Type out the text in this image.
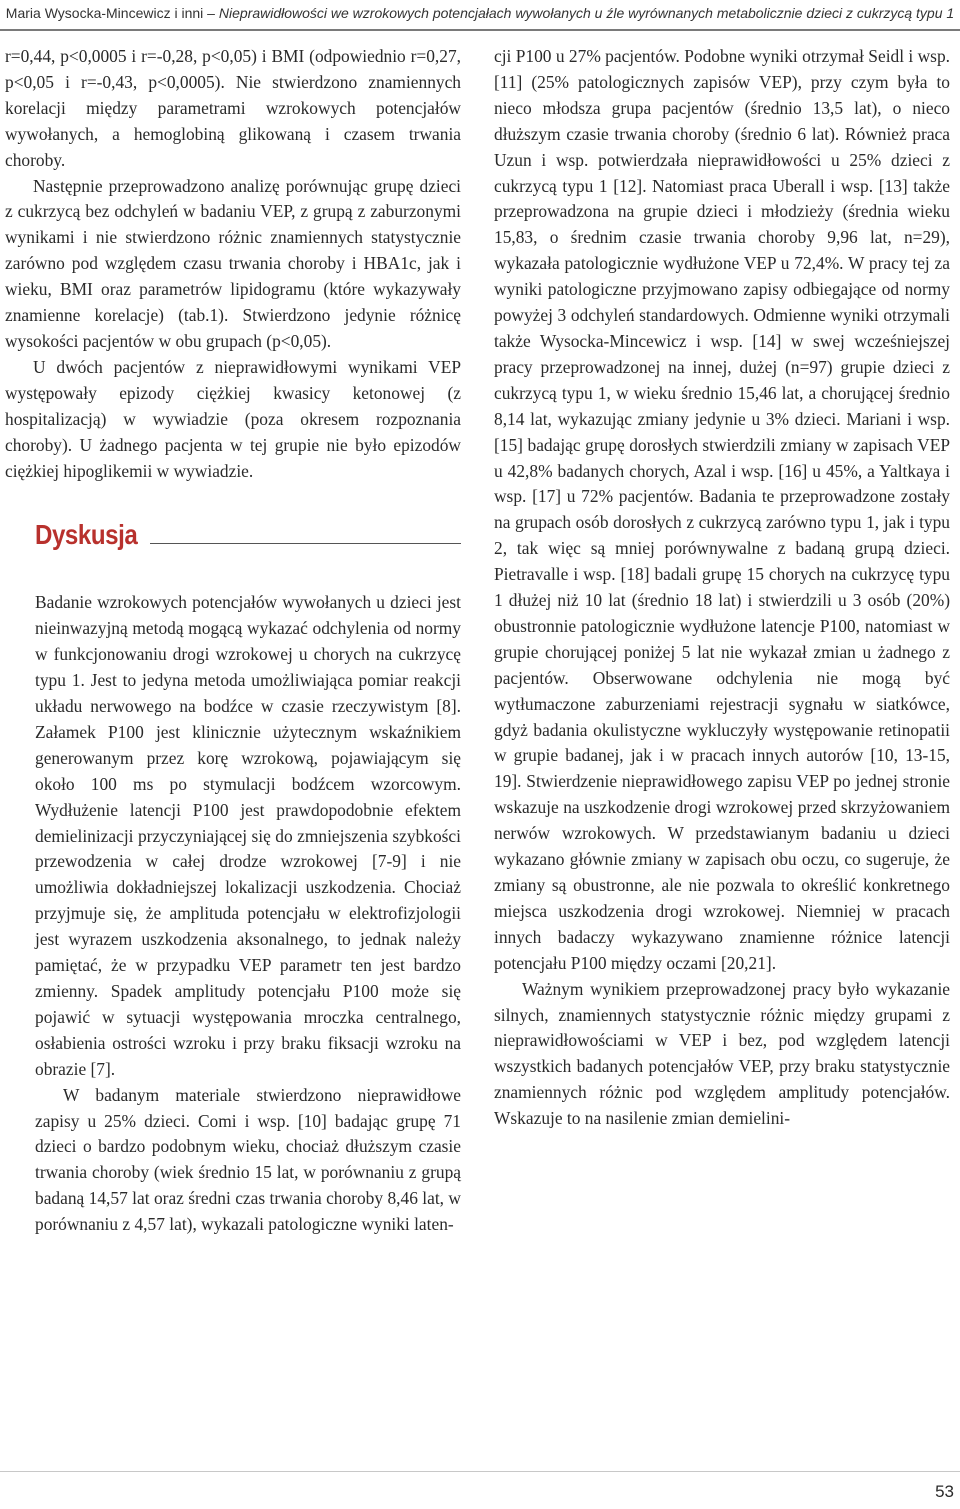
Maria Wysocka-Mincewicz i inni – Nieprawidłowości we wzrokowych potencjałach wywołanych u źle wyrównanych metabolicznie dzieci z cukrzycą typu 1

r=0,44, p<0,0005 i r=-0,28, p<0,05) i BMI (odpowiednio r=0,27, p<0,05 i r=-0,43, p<0,0005). Nie stwierdzono znamiennych korelacji między parametrami wzrokowych potencjałów wywołanych, a hemoglobiną glikowaną i czasem trwania choroby.

Następnie przeprowadzono analizę porównując grupę dzieci z cukrzycą bez odchyleń w badaniu VEP, z grupą z zaburzonymi wynikami i nie stwierdzono różnic znamiennych statystycznie zarówno pod względem czasu trwania choroby i HBA1c, jak i wieku, BMI oraz parametrów lipidogramu (które wykazywały znamienne korelacje) (tab.1). Stwierdzono jedynie różnicę wysokości pacjentów w obu grupach (p<0,05).

U dwóch pacjentów z nieprawidłowymi wynikami VEP występowały epizody ciężkiej kwasicy ketonowej (z hospitalizacją) w wywiadzie (poza okresem rozpoznania choroby). U żadnego pacjenta w tej grupie nie było epizodów ciężkiej hipoglikemii w wywiadzie.

Dyskusja

Badanie wzrokowych potencjałów wywołanych u dzieci jest nieinwazyjną metodą mogącą wykazać odchylenia od normy w funkcjonowaniu drogi wzrokowej u chorych na cukrzycę typu 1. Jest to jedyna metoda umożliwiająca pomiar reakcji układu nerwowego na bodźce w czasie rzeczywistym [8]. Załamek P100 jest klinicznie użytecznym wskaźnikiem generowanym przez korę wzrokową, pojawiającym się około 100 ms po stymulacji bodźcem wzorcowym. Wydłużenie latencji P100 jest prawdopodobnie efektem demielinizacji przyczyniającej się do zmniejszenia szybkości przewodzenia w całej drodze wzrokowej [7-9] i nie umożliwia dokładniejszej lokalizacji uszkodzenia. Chociaż przyjmuje się, że amplituda potencjału w elektrofizjologii jest wyrazem uszkodzenia aksonalnego, to jednak należy pamiętać, że w przypadku VEP parametr ten jest bardzo zmienny. Spadek amplitudy potencjału P100 może się pojawić w sytuacji występowania mroczka centralnego, osłabienia ostrości wzroku i przy braku fiksacji wzroku na obrazie [7].

W badanym materiale stwierdzono nieprawidłowe zapisy u 25% dzieci. Comi i wsp. [10] badając grupę 71 dzieci o bardzo podobnym wieku, chociaż dłuższym czasie trwania choroby (wiek średnio 15 lat, w porównaniu z grupą badaną 14,57 lat oraz średni czas trwania choroby 8,46 lat, w porównaniu z 4,57 lat), wykazali patologiczne wyniki laten-

cji P100 u 27% pacjentów. Podobne wyniki otrzymał Seidl i wsp. [11] (25% patologicznych zapisów VEP), przy czym była to nieco młodsza grupa pacjentów (średnio 13,5 lat), o nieco dłuższym czasie trwania choroby (średnio 6 lat). Również praca Uzun i wsp. potwierdzała nieprawidłowości u 25% dzieci z cukrzycą typu 1 [12]. Natomiast praca Uberall i wsp. [13] także przeprowadzona na grupie dzieci i młodzieży (średnia wieku 15,83, o średnim czasie trwania choroby 9,96 lat, n=29), wykazała patologicznie wydłużone VEP u 72,4%. W pracy tej za wyniki patologiczne przyjmowano zapisy odbiegające od normy powyżej 3 odchyleń standardowych. Odmienne wyniki otrzymali także Wysocka-Mincewicz i wsp. [14] w swej wcześniejszej pracy przeprowadzonej na innej, dużej (n=97) grupie dzieci z cukrzycą typu 1, w wieku średnio 15,46 lat, a chorującej średnio 8,14 lat, wykazując zmiany jedynie u 3% dzieci. Mariani i wsp. [15] badając grupę dorosłych stwierdzili zmiany w zapisach VEP u 42,8% badanych chorych, Azal i wsp. [16] u 45%, a Yaltkaya i wsp. [17] u 72% pacjentów. Badania te przeprowadzone zostały na grupach osób dorosłych z cukrzycą zarówno typu 1, jak i typu 2, tak więc są mniej porównywalne z badaną grupą dzieci. Pietravalle i wsp. [18] badali grupę 15 chorych na cukrzycę typu 1 dłużej niż 10 lat (średnio 18 lat) i stwierdzili u 3 osób (20%) obustronnie patologicznie wydłużone latencje P100, natomiast w grupie chorującej poniżej 5 lat nie wykazał zmian u żadnego z pacjentów. Obserwowane odchylenia nie mogą być wytłumaczone zaburzeniami rejestracji sygnału w siatkówce, gdyż badania okulistyczne wykluczyły występowanie retinopatii w grupie badanej, jak i w pracach innych autorów [10, 13-15, 19]. Stwierdzenie nieprawidłowego zapisu VEP po jednej stronie wskazuje na uszkodzenie drogi wzrokowej przed skrzyżowaniem nerwów wzrokowych. W przedstawianym badaniu u dzieci wykazano głównie zmiany w zapisach obu oczu, co sugeruje, że zmiany są obustronne, ale nie pozwala to określić konkretnego miejsca uszkodzenia drogi wzrokowej. Niemniej w pracach innych badaczy wykazywano znamienne różnice latencji potencjału P100 między oczami [20,21].

Ważnym wynikiem przeprowadzonej pracy było wykazanie silnych, znamiennych statystycznie różnic między grupami z nieprawidłowościami w VEP i bez, pod względem latencji wszystkich badanych potencjałów VEP, przy braku statystycznie znamiennych różnic pod względem amplitudy potencjałów. Wskazuje to na nasilenie zmian demielini-

53
